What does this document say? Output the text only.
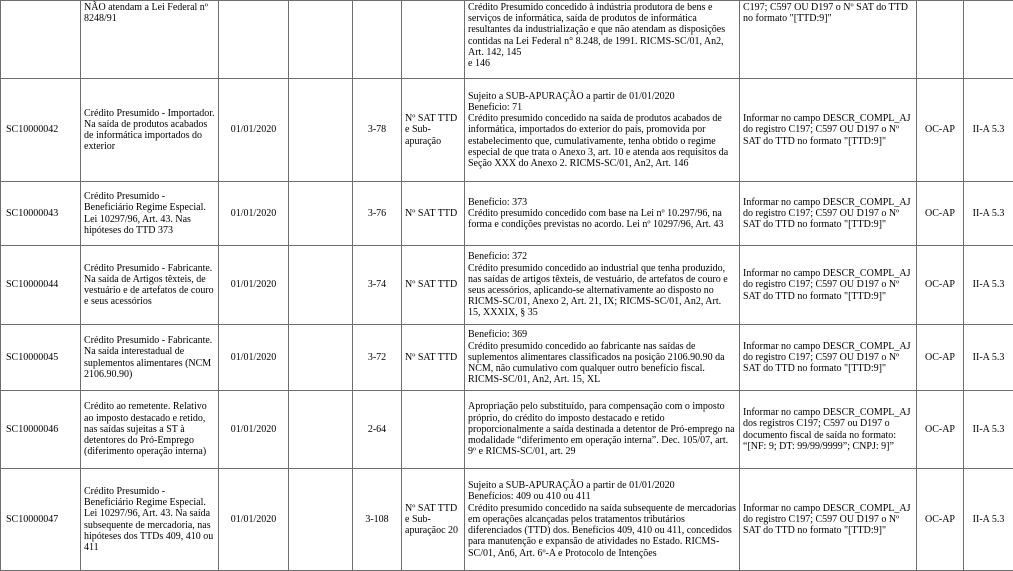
	NÃO atendam a Lei Federal nº 8248/91					Crédito Presumido concedido à indústria produtora de bens e serviços de informática, saída de produtos de informática resultantes da industrialização e que não atendam as disposições contidas na Lei Federal n° 8.248, de 1991. RICMS-SC/01, An2, Art. 142, 145
e 146	C197; C597 OU D197 o Nº SAT do TTD no formato "[TTD:9]"		
SC10000042	Crédito Presumido - Importador. Na saída de produtos acabados de informática importados do exterior	01/01/2020		3-78	Nº SAT TTD e Sub-apuração	Sujeito a SUB-APURAÇÃO a partir de 01/01/2020
Beneficio: 71
Crédito presumido concedido na saída de produtos acabados de informática, importados do exterior do país, promovida por estabelecimento que, cumulativamente, tenha obtido o regime especial de que trata o Anexo 3, art. 10 e atenda aos requisitos da Seção XXX do Anexo 2. RICMS-SC/01, An2, Art. 146	Informar no campo DESCR_COMPL_AJ do registro C197; C597 OU D197 o Nº SAT do TTD no formato "[TTD:9]"	OC-AP	II-A 5.3
SC10000043	Crédito Presumido - Beneficiário Regime Especial. Lei 10297/96, Art. 43. Nas hipóteses do TTD 373	01/01/2020		3-76	Nº SAT TTD	Beneficio: 373
Crédito presumido concedido com base na Lei nº 10.297/96, na forma e condições previstas no acordo. Lei nº 10297/96, Art. 43	Informar no campo DESCR_COMPL_AJ do registro C197; C597 OU D197 o Nº SAT do TTD no formato "[TTD:9]"	OC-AP	II-A 5.3
SC10000044	Crédito Presumido - Fabricante. Na saída de Artigos têxteis, de vestuário e de artefatos de couro e seus acessórios	01/01/2020		3-74	Nº SAT TTD	Beneficio: 372
Crédito presumido concedido ao industrial que tenha produzido, nas saídas de artigos têxteis, de vestuário, de artefatos de couro e seus acessórios, aplicando-se alternativamente ao disposto no RICMS-SC/01, Anexo 2, Art. 21, IX; RICMS-SC/01, An2, Art. 15, XXXIX, § 35	Informar no campo DESCR_COMPL_AJ do registro C197; C597 OU D197 o Nº SAT do TTD no formato "[TTD:9]"	OC-AP	II-A 5.3
SC10000045	Crédito Presumido - Fabricante. Na saída interestadual de suplementos alimentares (NCM 2106.90.90)	01/01/2020		3-72	Nº SAT TTD	Beneficio: 369
Crédito presumido concedido ao fabricante nas saídas de suplementos alimentares classificados na posição 2106.90.90 da NCM, não cumulativo com qualquer outro benefício fiscal. RICMS-SC/01, An2, Art. 15, XL	Informar no campo DESCR_COMPL_AJ do registro C197; C597 OU D197 o Nº SAT do TTD no formato "[TTD:9]"	OC-AP	II-A 5.3
SC10000046	Crédito ao remetente. Relativo ao imposto destacado e retido, nas saídas sujeitas a ST à detentores do Pró-Emprego (diferimento operação interna)	01/01/2020		2-64		Apropriação pelo substituído, para compensação com o imposto próprio, do crédito do imposto destacado e retido proporcionalmente a saída destinada a detentor de Pró-emprego na modalidade “diferimento em operação interna”. Dec. 105/07, art. 9º e RICMS-SC/01, art. 29	Informar no campo DESCR_COMPL_AJ dos registros C197; C597 ou D197 o documento fiscal de saída no formato: “[NF: 9; DT: 99/99/9999”; CNPJ: 9]”	OC-AP	II-A 5.3
SC10000047	Crédito Presumido - Beneficiário Regime Especial. Lei 10297/96, Art. 43. Na saída subsequente de mercadoria, nas hipóteses dos TTDs 409, 410 ou 411	01/01/2020		3-108	Nº SAT TTD e Sub-apuraçãoc 20	Sujeito a SUB-APURAÇÃO a partir de 01/01/2020
Benefícios: 409 ou 410 ou 411
Crédito presumido concedido na saída subsequente de mercadorias em operações alcançadas pelos tratamentos tributários diferenciados (TTD) dos. Benefícios 409, 410 ou 411, concedidos para manutenção e expansão de atividades no Estado. RICMS-SC/01, An6, Art. 6º-A e Protocolo de Intenções	Informar no campo DESCR_COMPL_AJ do registro C197; C597 OU D197 o Nº SAT do TTD no formato "[TTD:9]"	OC-AP	II-A 5.3
